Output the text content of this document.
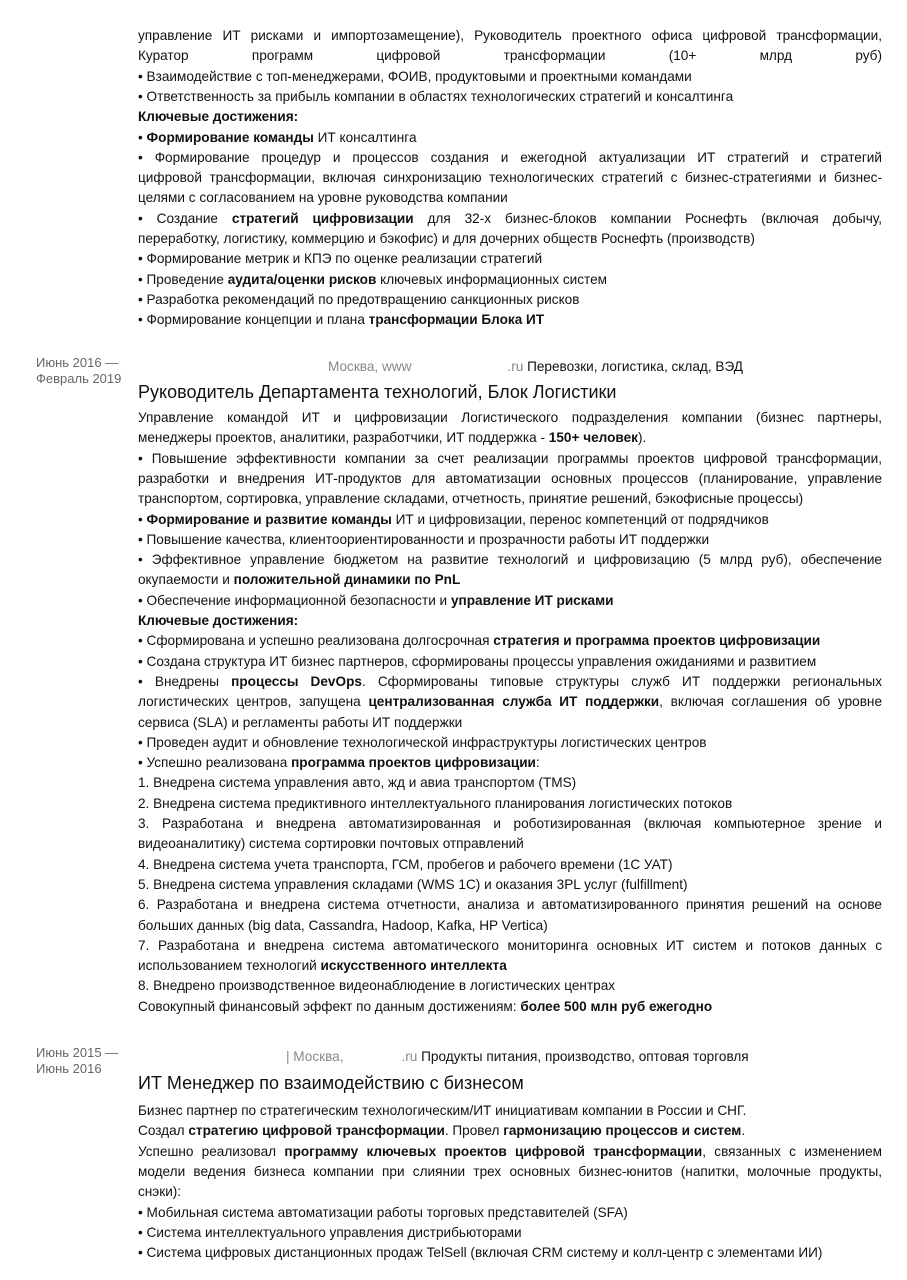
управление ИТ рисками и импортозамещение), Руководитель проектного офиса цифровой трансформации,
Куратор программ цифровой трансформации (10+ млрд руб)
• Взаимодействие с топ-менеджерами, ФОИВ, продуктовыми и проектными командами
• Ответственность за прибыль компании в областях технологических стратегий и консалтинга
Ключевые достижения:
• Формирование команды ИТ консалтинга
• Формирование процедур и процессов создания и ежегодной актуализации ИТ стратегий и стратегий
цифровой трансформации, включая синхронизацию технологических стратегий с бизнес-стратегиями и бизнес-
целями с согласованием на уровне руководства компании
• Создание стратегий цифровизации для 32-х бизнес-блоков компании Роснефть (включая добычу,
переработку, логистику, коммерцию и бэкофис) и для дочерних обществ Роснефть (производств)
• Формирование метрик и КПЭ по оценке реализации стратегий
• Проведение аудита/оценки рисков ключевых информационных систем
• Разработка рекомендаций по предотвращению санкционных рисков
• Формирование концепции и плана трансформации Блока ИТ
Июнь 2016 —
Февраль 2019
Москва, www	.ru Перевозки, логистика, склад, ВЭД
Руководитель Департамента технологий, Блок Логистики
Управление командой ИТ и цифровизации Логистического подразделения компании (бизнес партнеры,
менеджеры проектов, аналитики, разработчики, ИТ поддержка - 150+ человек).
• Повышение эффективности компании за счет реализации программы проектов цифровой трансформации,
разработки и внедрения ИТ-продуктов для автоматизации основных процессов (планирование, управление
транспортом, сортировка, управление складами, отчетность, принятие решений, бэкофисные процессы)
• Формирование и развитие команды ИТ и цифровизации, перенос компетенций от подрядчиков
• Повышение качества, клиентоориентированности и прозрачности работы ИТ поддержки
• Эффективное управление бюджетом на развитие технологий и цифровизацию (5 млрд руб), обеспечение
окупаемости и положительной динамики по PnL
• Обеспечение информационной безопасности и управление ИТ рисками
Ключевые достижения:
• Сформирована и успешно реализована долгосрочная стратегия и программа проектов цифровизации
• Создана структура ИТ бизнес партнеров, сформированы процессы управления ожиданиями и развитием
• Внедрены процессы DevOps. Сформированы типовые структуры служб ИТ поддержки региональных
логистических центров, запущена централизованная служба ИТ поддержки, включая соглашения об уровне
сервиса (SLA) и регламенты работы ИТ поддержки
• Проведен аудит и обновление технологической инфраструктуры логистических центров
• Успешно реализована программа проектов цифровизации:
1. Внедрена система управления авто, жд и авиа транспортом (TMS)
2. Внедрена система предиктивного интеллектуального планирования логистических потоков
3. Разработана и внедрена автоматизированная и роботизированная (включая компьютерное зрение и
видеоаналитику) система сортировки почтовых отправлений
4. Внедрена система учета транспорта, ГСМ, пробегов и рабочего времени (1С УАТ)
5. Внедрена система управления складами (WMS 1С) и оказания 3PL услуг (fulfillment)
6. Разработана и внедрена система отчетности, анализа и автоматизированного принятия решений на основе
больших данных (big data, Cassandra, Hadoop, Kafka, HP Vertica)
7. Разработана и внедрена система автоматического мониторинга основных ИТ систем и потоков данных с
использованием технологий искусственного интеллекта
8. Внедрено производственное видеонаблюдение в логистических центрах
Совокупный финансовый эффект по данным достижениям: более 500 млн руб ежегодно
Июнь 2015 —
Июнь 2016
| Москва,	.ru Продукты питания, производство, оптовая торговля
ИТ Менеджер по взаимодействию с бизнесом
Бизнес партнер по стратегическим технологическим/ИТ инициативам компании в России и СНГ.
Создал стратегию цифровой трансформации. Провел гармонизацию процессов и систем.
Успешно реализовал программу ключевых проектов цифровой трансформации, связанных с изменением
модели ведения бизнеса компании при слиянии трех основных бизнес-юнитов (напитки, молочные продукты,
снэки):
• Мобильная система автоматизации работы торговых представителей (SFA)
• Система интеллектуального управления дистрибьюторами
• Система цифровых дистанционных продаж TelSell (включая CRM систему и колл-центр с элементами ИИ)
